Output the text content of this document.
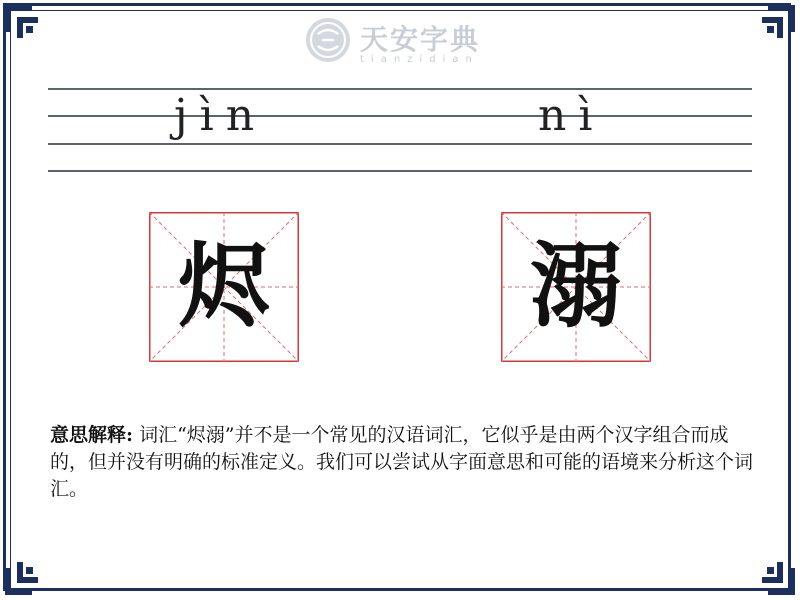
天安字典
tianzidian
jìn	nì
烬	溺
意思解释: 词汇“烬溺”并不是一个常见的汉语词汇，它似乎是由两个汉字组合而成的，但并没有明确的标准定义。我们可以尝试从字面意思和可能的语境来分析这个词汇。
